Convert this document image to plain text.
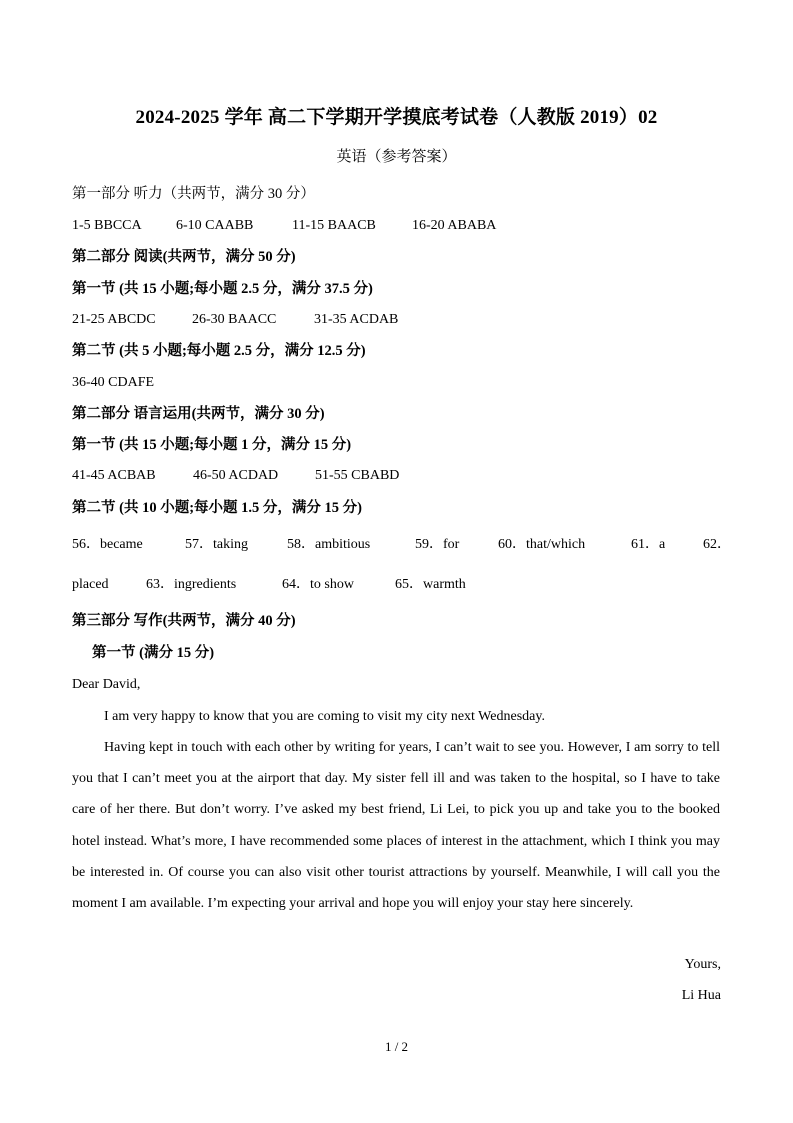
2024-2025 学年 高二下学期开学摸底考试卷（人教版 2019）02
英语（参考答案）
第一部分 听力（共两节，满分 30 分）
1-5 BBCCA 6-10 CAABB	11-15 BAACB	16-20 ABABA
第二部分 阅读(共两节，满分 50 分)
第一节 (共 15 小题;每小题 2.5 分，满分 37.5 分)
21-25 ABCDC	26-30 BAACC	31-35 ACDAB
第二节 (共 5 小题;每小题 2.5 分，满分 12.5 分)
36-40 CDAFE
第二部分 语言运用(共两节，满分 30 分)
第一节 (共 15 小题;每小题 1 分，满分 15 分)
41-45 ACBAB	46-50 ACDAD	51-55 CBABD
第二节 (共 10 小题;每小题 1.5 分，满分 15 分)
56．became	57．taking	58．ambitious	59．for	60．that/which	61．a	62．
placed	63．ingredients	64．to show	65．warmth
第三部分 写作(共两节，满分 40 分)
第一节 (满分 15 分)
Dear David,
I am very happy to know that you are coming to visit my city next Wednesday.
Having kept in touch with each other by writing for years, I can’t wait to see you. However, I am sorry to tell you that I can’t meet you at the airport that day. My sister fell ill and was taken to the hospital, so I have to take care of her there. But don’t worry. I’ve asked my best friend, Li Lei, to pick you up and take you to the booked hotel instead. What’s more, I have recommended some places of interest in the attachment, which I think you may be interested in. Of course you can also visit other tourist attractions by yourself. Meanwhile, I will call you the moment I am available. I’m expecting your arrival and hope you will enjoy your stay here sincerely.
Yours,
Li Hua
1 / 2
